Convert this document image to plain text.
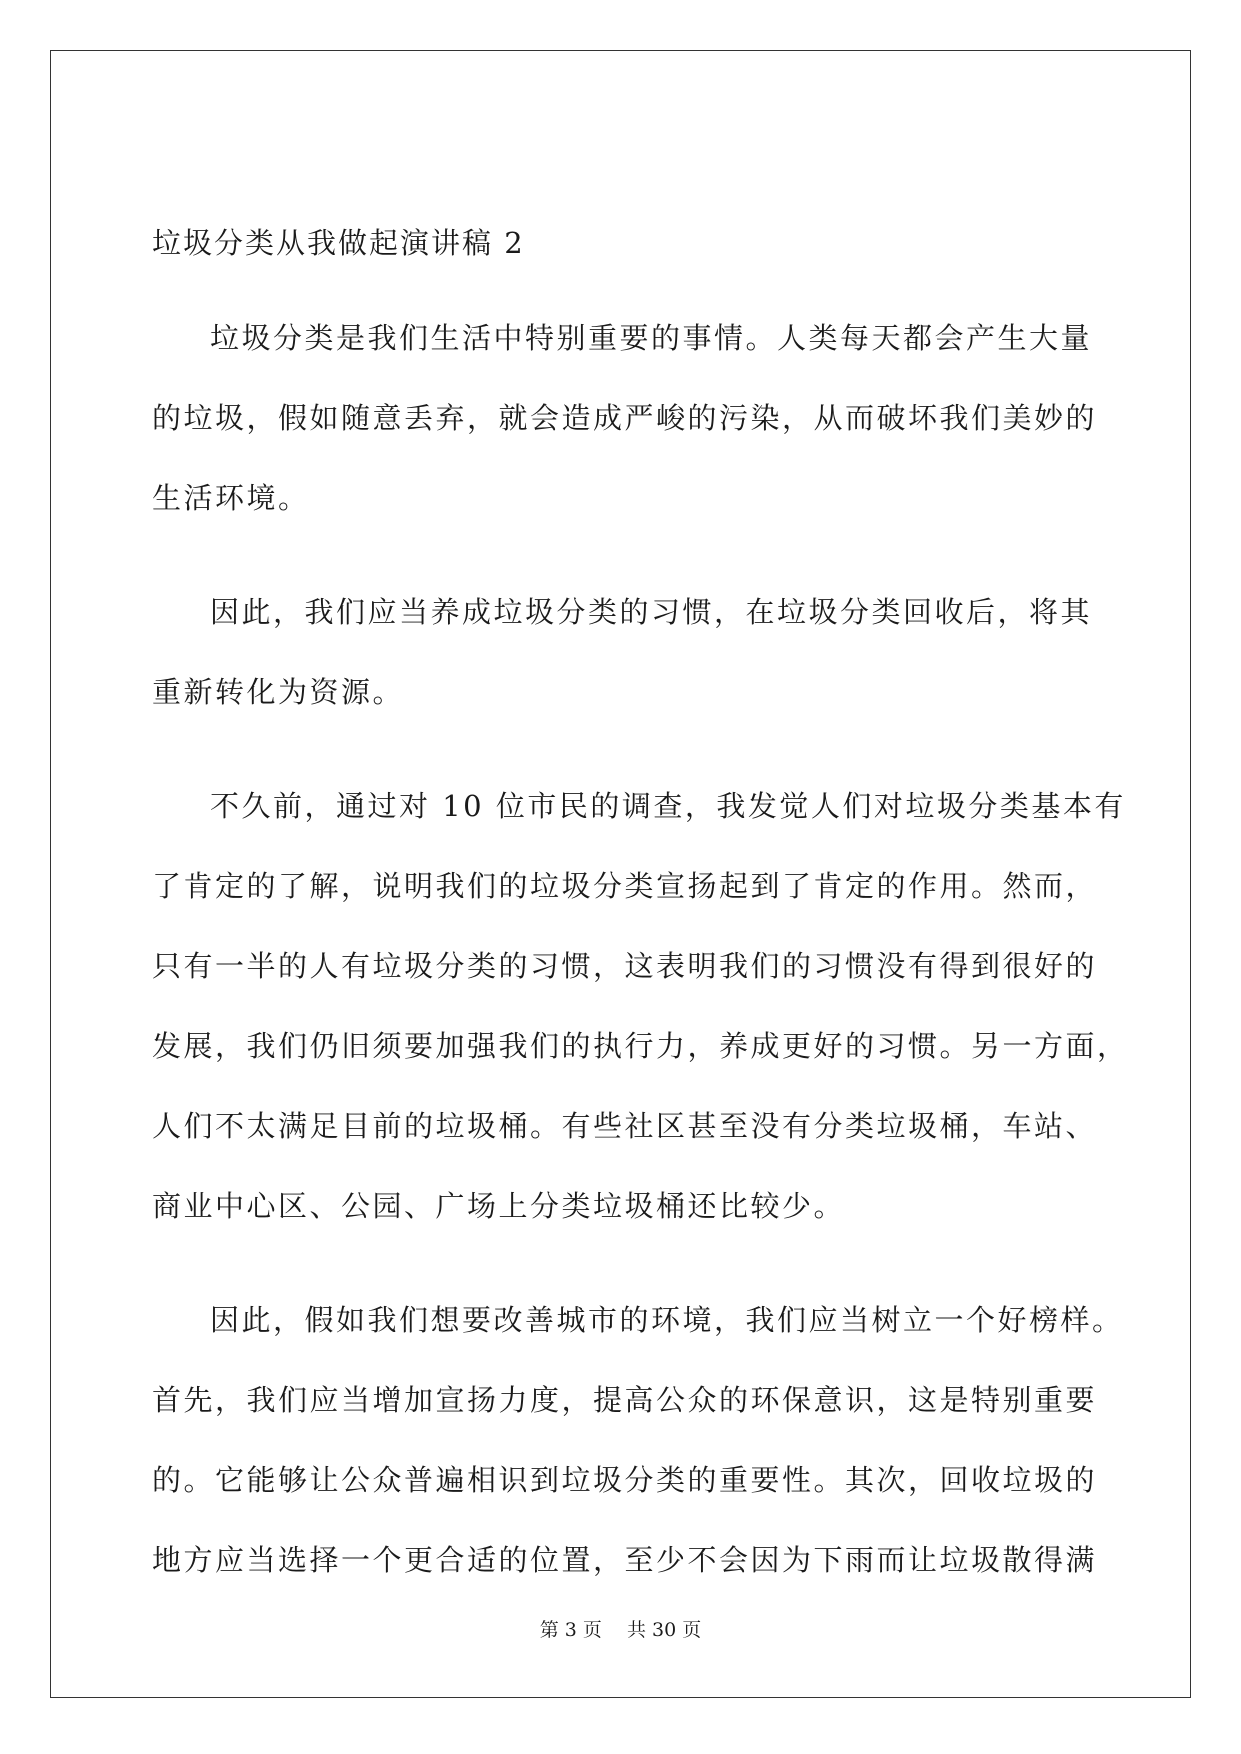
垃圾分类从我做起演讲稿 2
垃圾分类是我们生活中特别重要的事情。人类每天都会产生大量
的垃圾，假如随意丢弃，就会造成严峻的污染，从而破坏我们美妙的
生活环境。
因此，我们应当养成垃圾分类的习惯，在垃圾分类回收后，将其
重新转化为资源。
不久前，通过对 10 位市民的调查，我发觉人们对垃圾分类基本有
了肯定的了解，说明我们的垃圾分类宣扬起到了肯定的作用。然而，
只有一半的人有垃圾分类的习惯，这表明我们的习惯没有得到很好的
发展，我们仍旧须要加强我们的执行力，养成更好的习惯。另一方面，
人们不太满足目前的垃圾桶。有些社区甚至没有分类垃圾桶，车站、
商业中心区、公园、广场上分类垃圾桶还比较少。
因此，假如我们想要改善城市的环境，我们应当树立一个好榜样。
首先，我们应当增加宣扬力度，提高公众的环保意识，这是特别重要
的。它能够让公众普遍相识到垃圾分类的重要性。其次，回收垃圾的
地方应当选择一个更合适的位置，至少不会因为下雨而让垃圾散得满
第 3 页　 共 30 页
